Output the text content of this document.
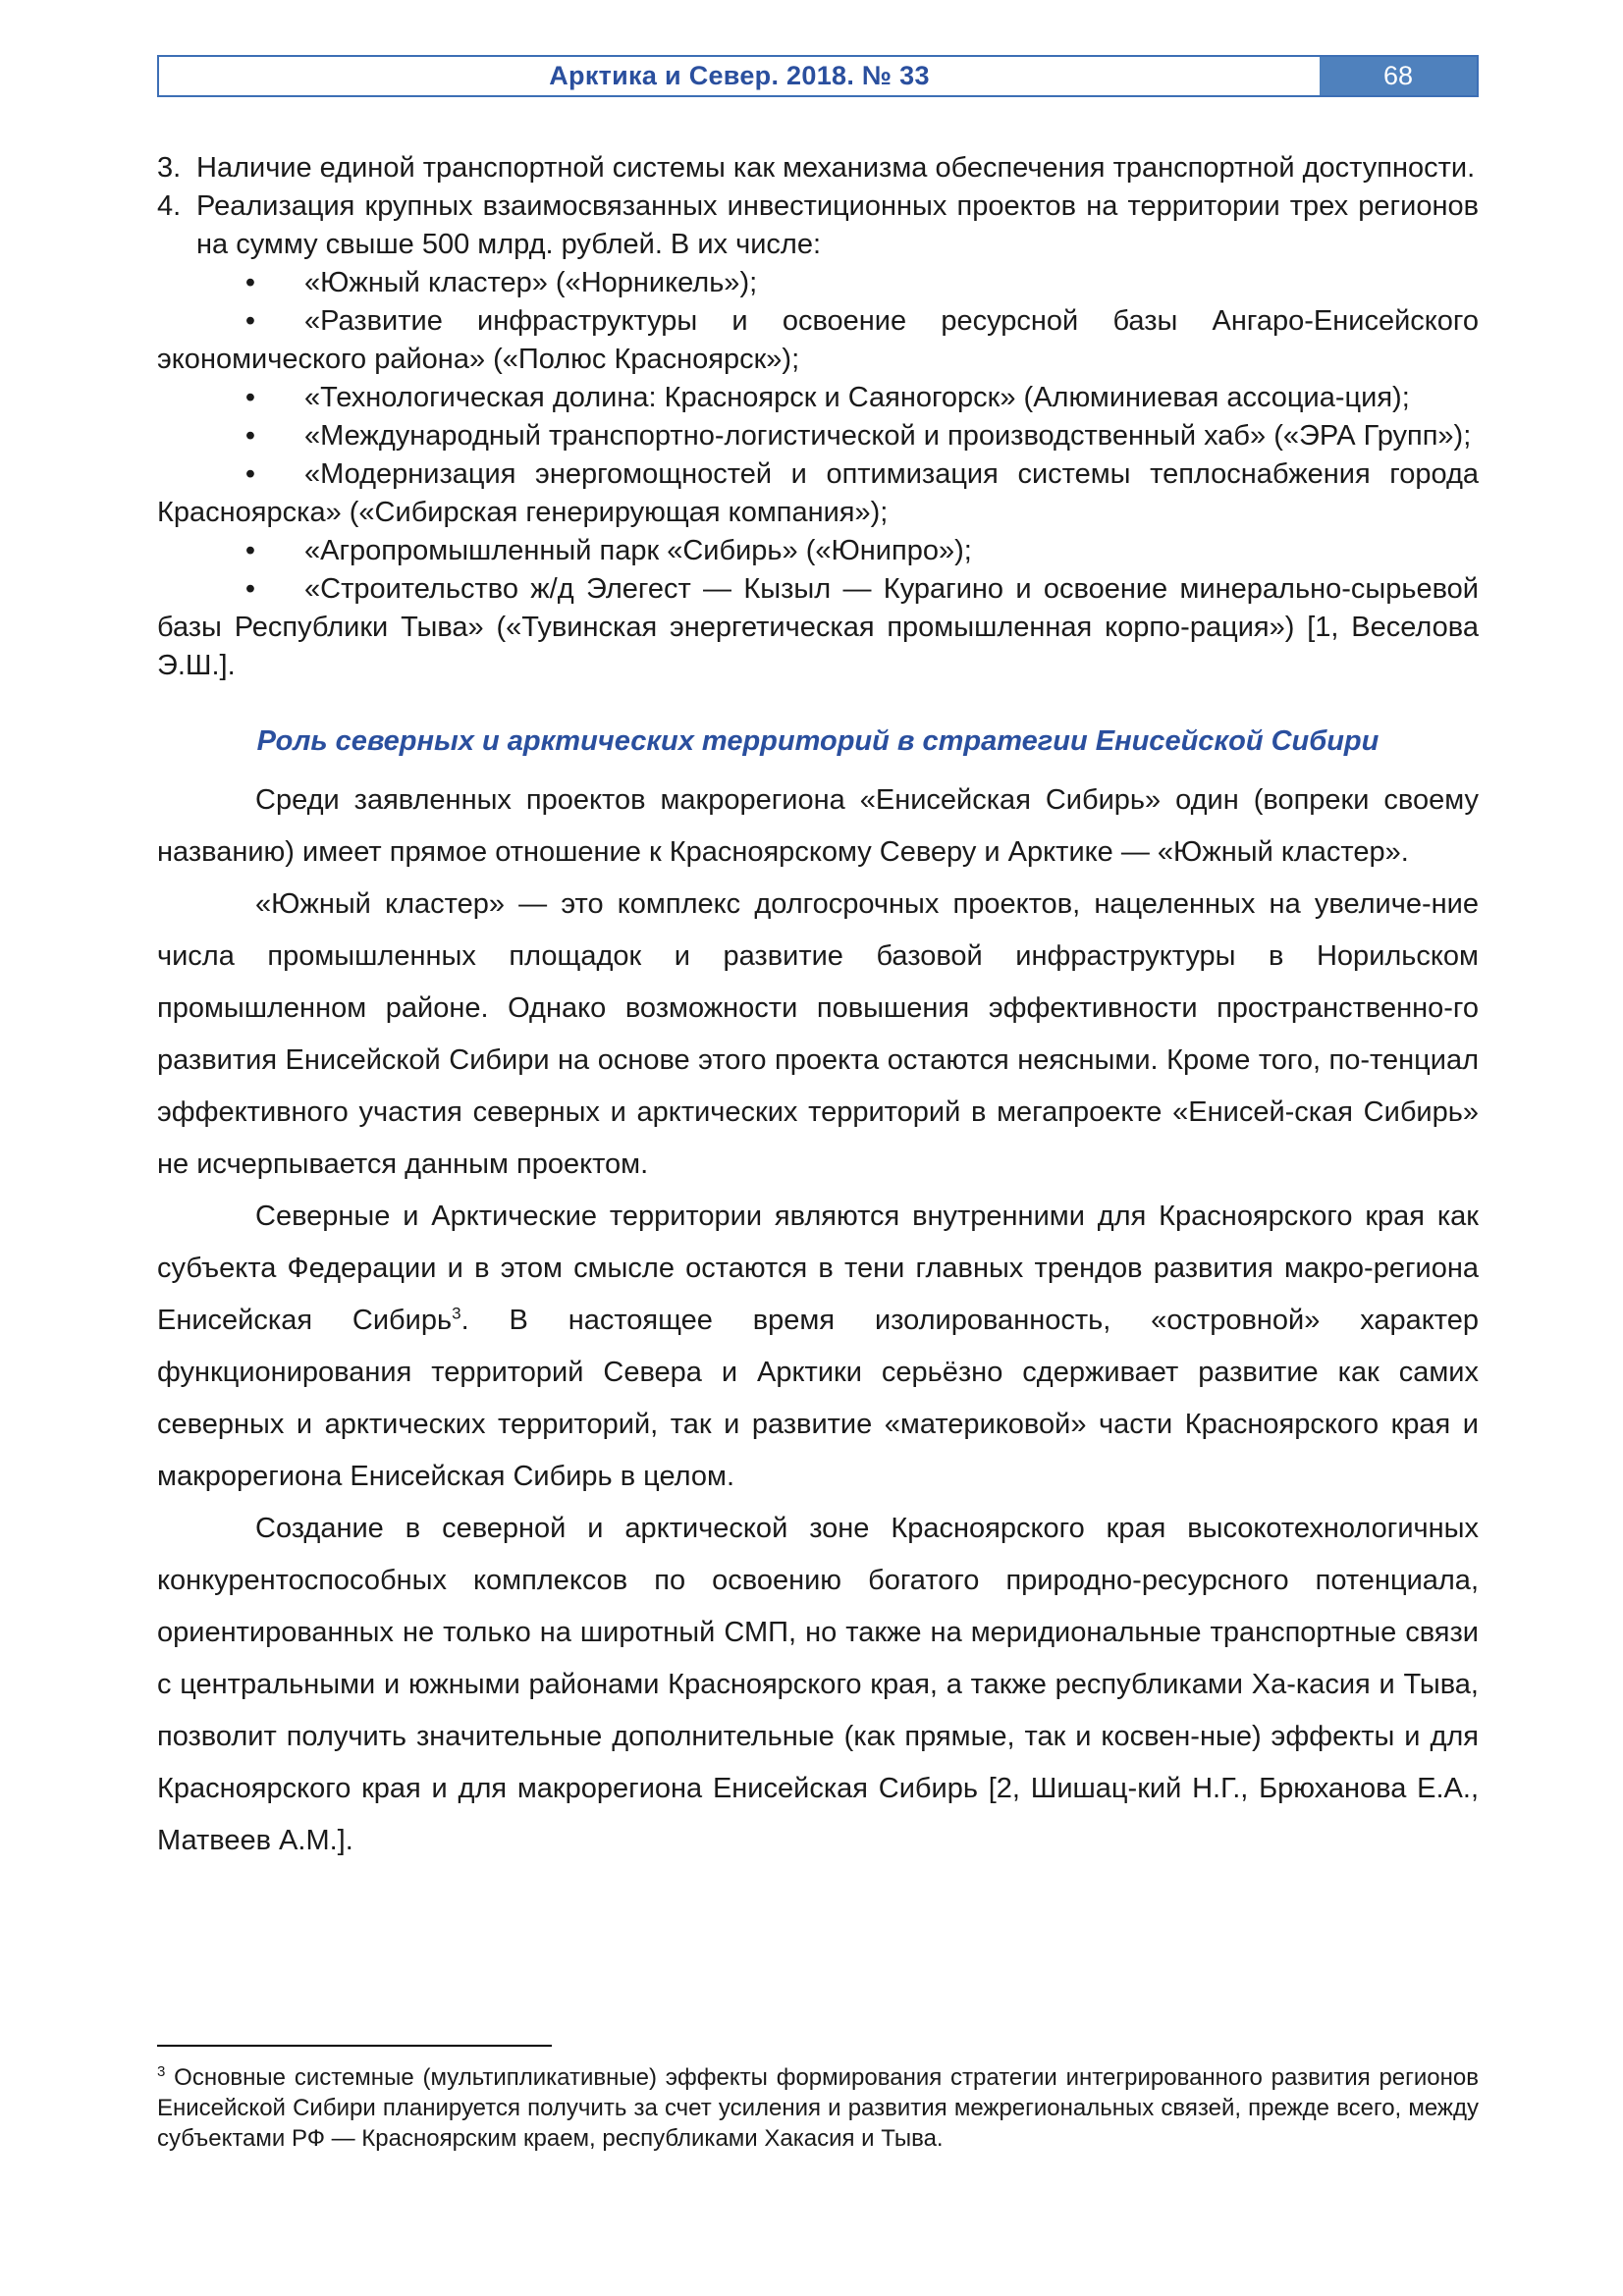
Арктика и Север. 2018. № 33	68
3. Наличие единой транспортной системы как механизма обеспечения транспортной доступности.
4. Реализация крупных взаимосвязанных инвестиционных проектов на территории трех регионов на сумму свыше 500 млрд. рублей. В их числе:
• «Южный кластер» («Норникель»);
• «Развитие инфраструктуры и освоение ресурсной базы Ангаро-Енисейского экономического района» («Полюс Красноярск»);
• «Технологическая долина: Красноярск и Саяногорск» (Алюминиевая ассоциа-ция);
• «Международный транспортно-логистической и производственный хаб» («ЭРА Групп»);
• «Модернизация энергомощностей и оптимизация системы теплоснабжения города Красноярска» («Сибирская генерирующая компания»);
• «Агропромышленный парк «Сибирь» («Юнипро»);
• «Строительство ж/д Элегест — Кызыл — Курагино и освоение минерально-сырьевой базы Республики Тыва» («Тувинская энергетическая промышленная корпо-рация») [1, Веселова Э.Ш.].
Роль северных и арктических территорий в стратегии Енисейской Сибири

Среди заявленных проектов макрорегиона «Енисейская Сибирь» один (вопреки своему названию) имеет прямое отношение к Красноярскому Северу и Арктике — «Южный кластер».

«Южный кластер» — это комплекс долгосрочных проектов, нацеленных на увеличе-ние числа промышленных площадок и развитие базовой инфраструктуры в Норильском промышленном районе. Однако возможности повышения эффективности пространственно-го развития Енисейской Сибири на основе этого проекта остаются неясными. Кроме того, по-тенциал эффективного участия северных и арктических территорий в мегапроекте «Енисей-ская Сибирь» не исчерпывается данным проектом.

Северные и Арктические территории являются внутренними для Красноярского края как субъекта Федерации и в этом смысле остаются в тени главных трендов развития макро-региона Енисейская Сибирь$^3$. В настоящее время изолированность, «островной» характер функционирования территорий Севера и Арктики серьёзно сдерживает развитие как самих северных и арктических территорий, так и развитие «материковой» части Красноярского края и макрорегиона Енисейская Сибирь в целом.

Создание в северной и арктической зоне Красноярского края высокотехнологичных конкурентоспособных комплексов по освоению богатого природно-ресурсного потенциала, ориентированных не только на широтный СМП, но также на меридиональные транспортные связи с центральными и южными районами Красноярского края, а также республиками Ха-касия и Тыва, позволит получить значительные дополнительные (как прямые, так и косвен-ные) эффекты и для Красноярского края и для макрорегиона Енисейская Сибирь [2, Шишац-кий Н.Г., Брюханова Е.А., Матвеев А.М.].

$^3$ Основные системные (мультипликативные) эффекты формирования стратегии интегрированного развития регионов Енисейской Сибири планируется получить за счет усиления и развития межрегиональных связей, прежде всего, между субъектами РФ — Красноярским краем, республиками Хакасия и Тыва.
